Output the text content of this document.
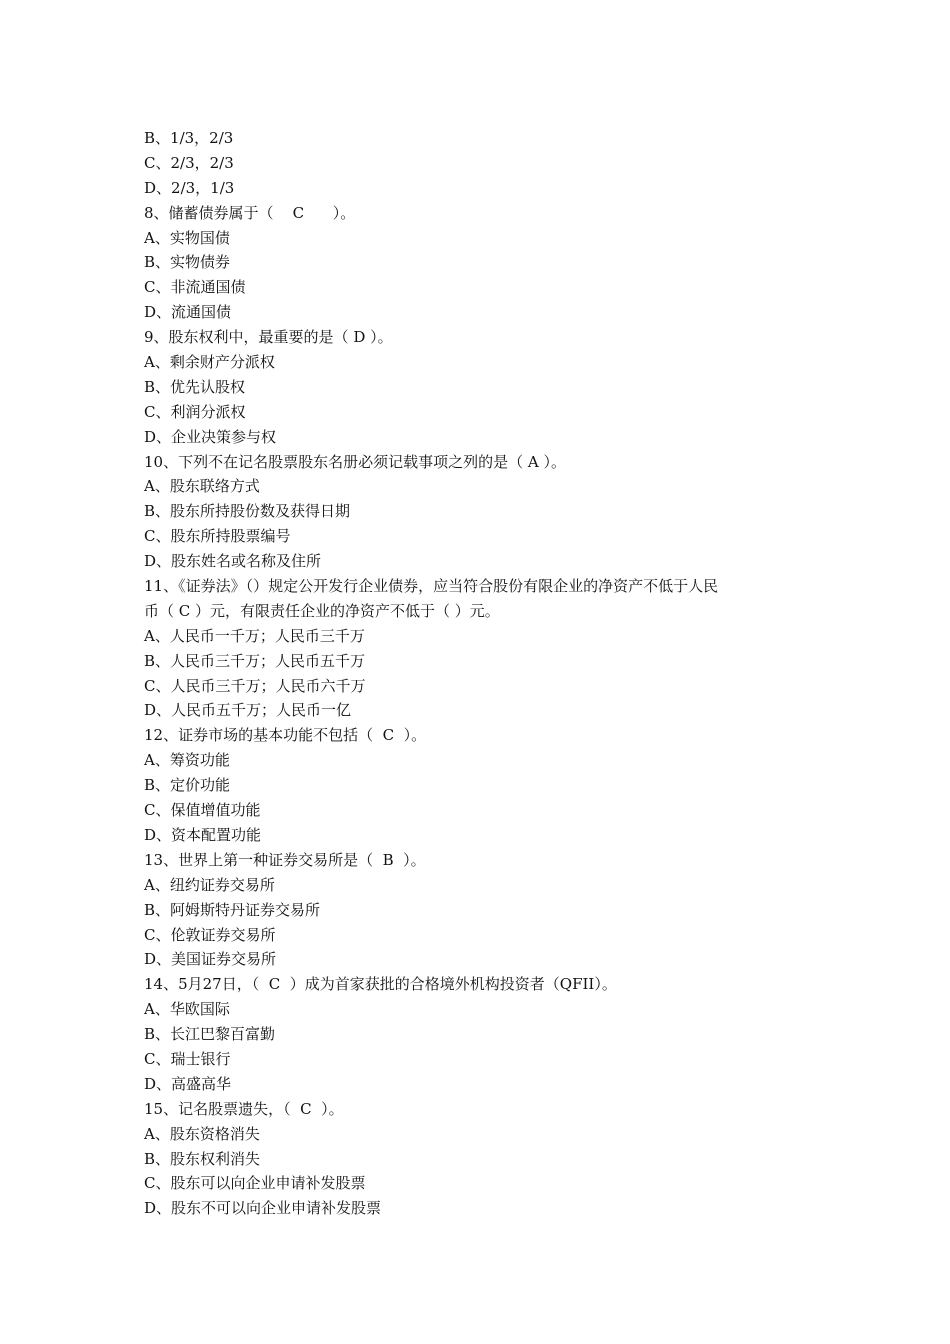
B、1/3，2/3
C、2/3，2/3
D、2/3，1/3
8、储蓄债券属于（    C      ）。
A、实物国债
B、实物债券
C、非流通国债
D、流通国债
9、股东权利中，最重要的是（ D ）。
A、剩余财产分派权
B、优先认股权
C、利润分派权
D、企业决策参与权
10、下列不在记名股票股东名册必须记载事项之列的是（ A ）。
A、股东联络方式
B、股东所持股份数及获得日期
C、股东所持股票编号
D、股东姓名或名称及住所
11、《证券法》（）规定公开发行企业债券，应当符合股份有限企业的净资产不低于人民
币（ C ）元，有限责任企业的净资产不低于（ ）元。
A、人民币一千万；人民币三千万
B、人民币三千万；人民币五千万
C、人民币三千万；人民币六千万
D、人民币五千万；人民币一亿
12、证券市场的基本功能不包括（  C  ）。
A、筹资功能
B、定价功能
C、保值增值功能
D、资本配置功能
13、世界上第一种证券交易所是（  B  ）。
A、纽约证券交易所
B、阿姆斯特丹证券交易所
C、伦敦证券交易所
D、美国证券交易所
14、5月27日，（  C  ）成为首家获批的合格境外机构投资者（QFII）。
A、华欧国际
B、长江巴黎百富勤
C、瑞士银行
D、高盛高华
15、记名股票遗失，（  C  ）。
A、股东资格消失
B、股东权利消失
C、股东可以向企业申请补发股票
D、股东不可以向企业申请补发股票
